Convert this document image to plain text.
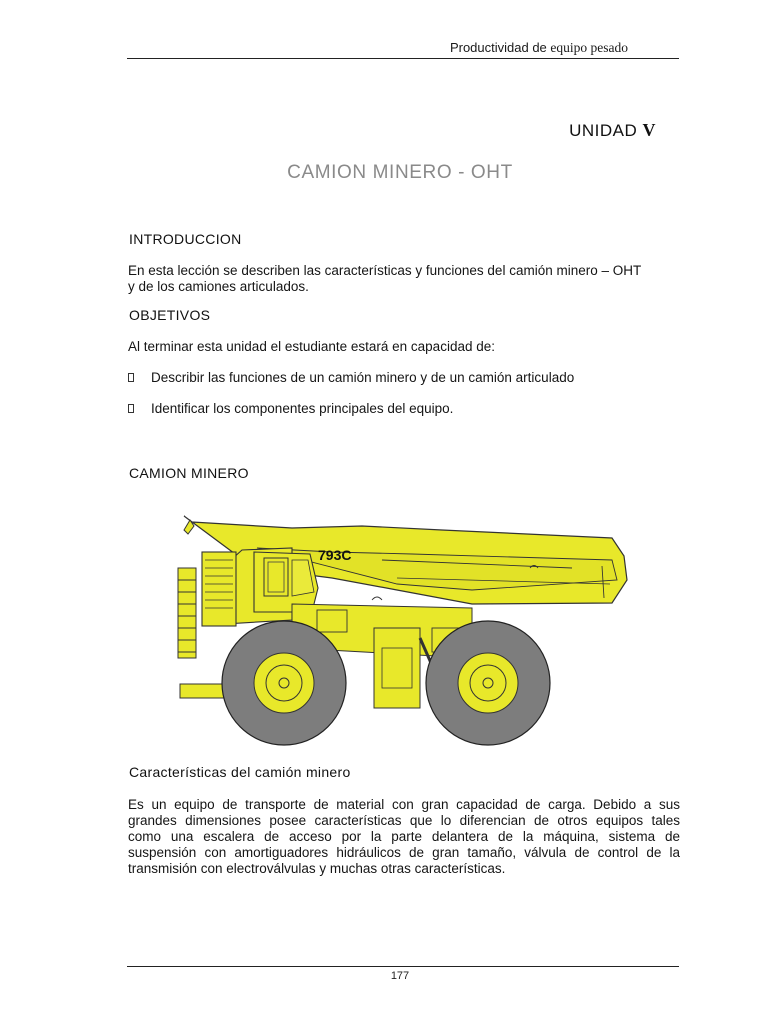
Productividad de equipo pesado
UNIDAD V
CAMION MINERO - OHT
INTRODUCCION
En esta lección se describen las características y funciones del camión minero – OHT
y de los camiones articulados.
OBJETIVOS
Al terminar esta unidad el estudiante estará en capacidad de:
Describir las funciones de un camión minero y de un camión articulado
Identificar los componentes principales del equipo.
CAMION MINERO
793C
Características del camión minero
Es un equipo de transporte de material con gran capacidad de carga. Debido a sus
grandes dimensiones posee características que lo diferencian de otros equipos tales
como una escalera de acceso por la parte delantera de la máquina, sistema de
suspensión con amortiguadores hidráulicos de gran tamaño, válvula de control de la
transmisión con electroválvulas y muchas otras características.
177
